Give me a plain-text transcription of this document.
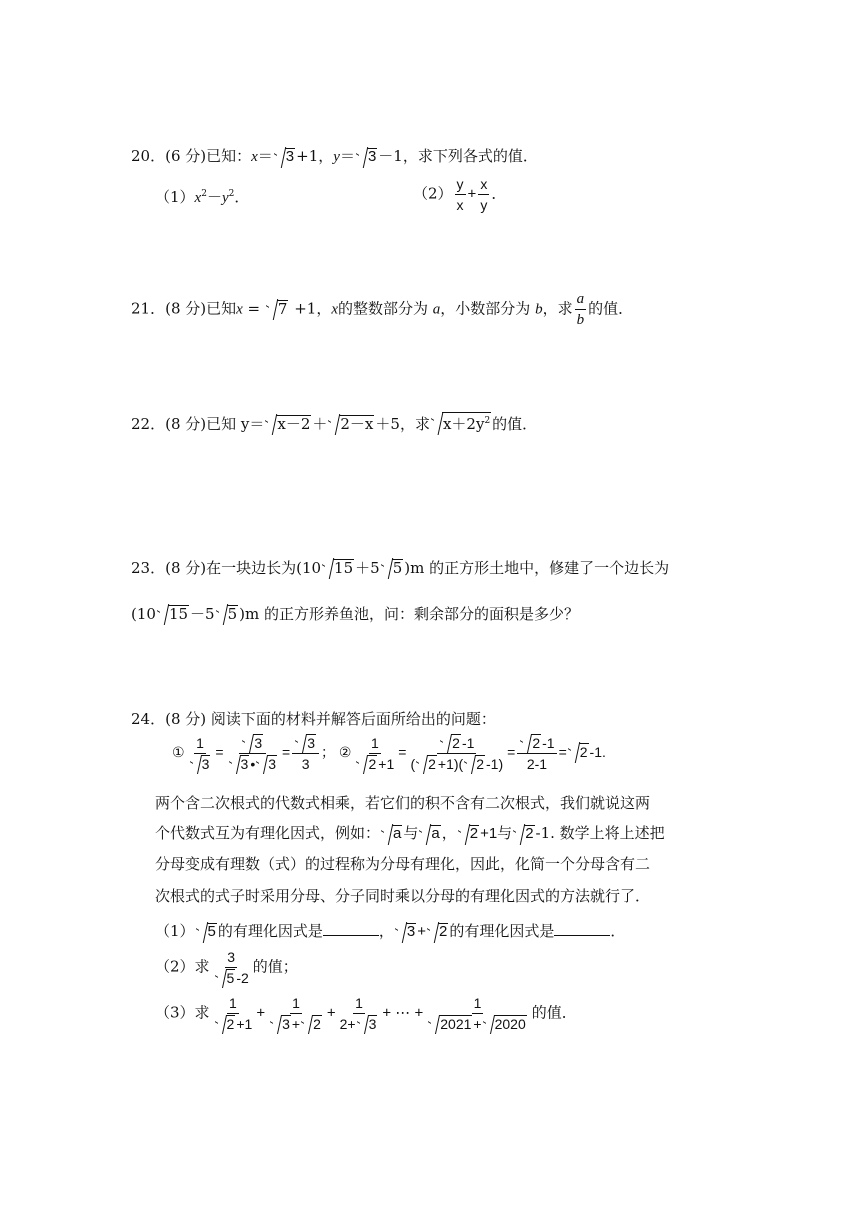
20．(6 分)已知：x＝ 3 +1，y＝ 3 －1，求下列各式的值．
$(1)x^2-y^2$．	$(2) \frac{y}{x} + \frac{x}{y}$ ．
21．(8 分)已知x = 7 +1，x的整数部分为 a，小数部分为 b，求 $\frac{a}{b}$ 的值．
22．(8 分)已知 y＝ x－2 ＋ 2－x ＋5，求 $x+2y^2$ 的值．
23．(8 分)在一块边长为(10 15 ＋5 5 )m 的正方形土地中，修建了一个边长为
(10 15 －5 5 )m 的正方形养鱼池，问：剩余部分的面积是多少？
24．(8 分) 阅读下面的材料并解答后面所给出的问题：
① $\frac{1}{3} = \frac{3}{3 • 3} = \frac{3}{3}$ ； ② $\frac{1}{2 +1} = \frac{2 -1}{( 2 +1)( 2 -1)} = \frac{2 -1}{2-1} = 2$ -1.
两个含二次根式的代数式相乘，若它们的积不含有二次根式，我们就说这两
个代数式互为有理化因式，例如： a 与 a ， 2 +1与 2 -1. 数学上将上述把
分母变成有理数（式）的过程称为分母有理化，因此，化简一个分母含有二
次根式的式子时采用分母、分子同时乘以分母的有理化因式的方法就行了．
（1） 5 的有理化因式是	， 3 + 2 的有理化因式是	．
（2）求 $\frac{3}{5 -2}$ 的值；
（3）求 $\frac{1}{2 +1} + \frac{1}{3 + 2} + \frac{1}{2+ 3}$ + ⋯ + $\frac{1}{2021 + 2020}$ 的值．
